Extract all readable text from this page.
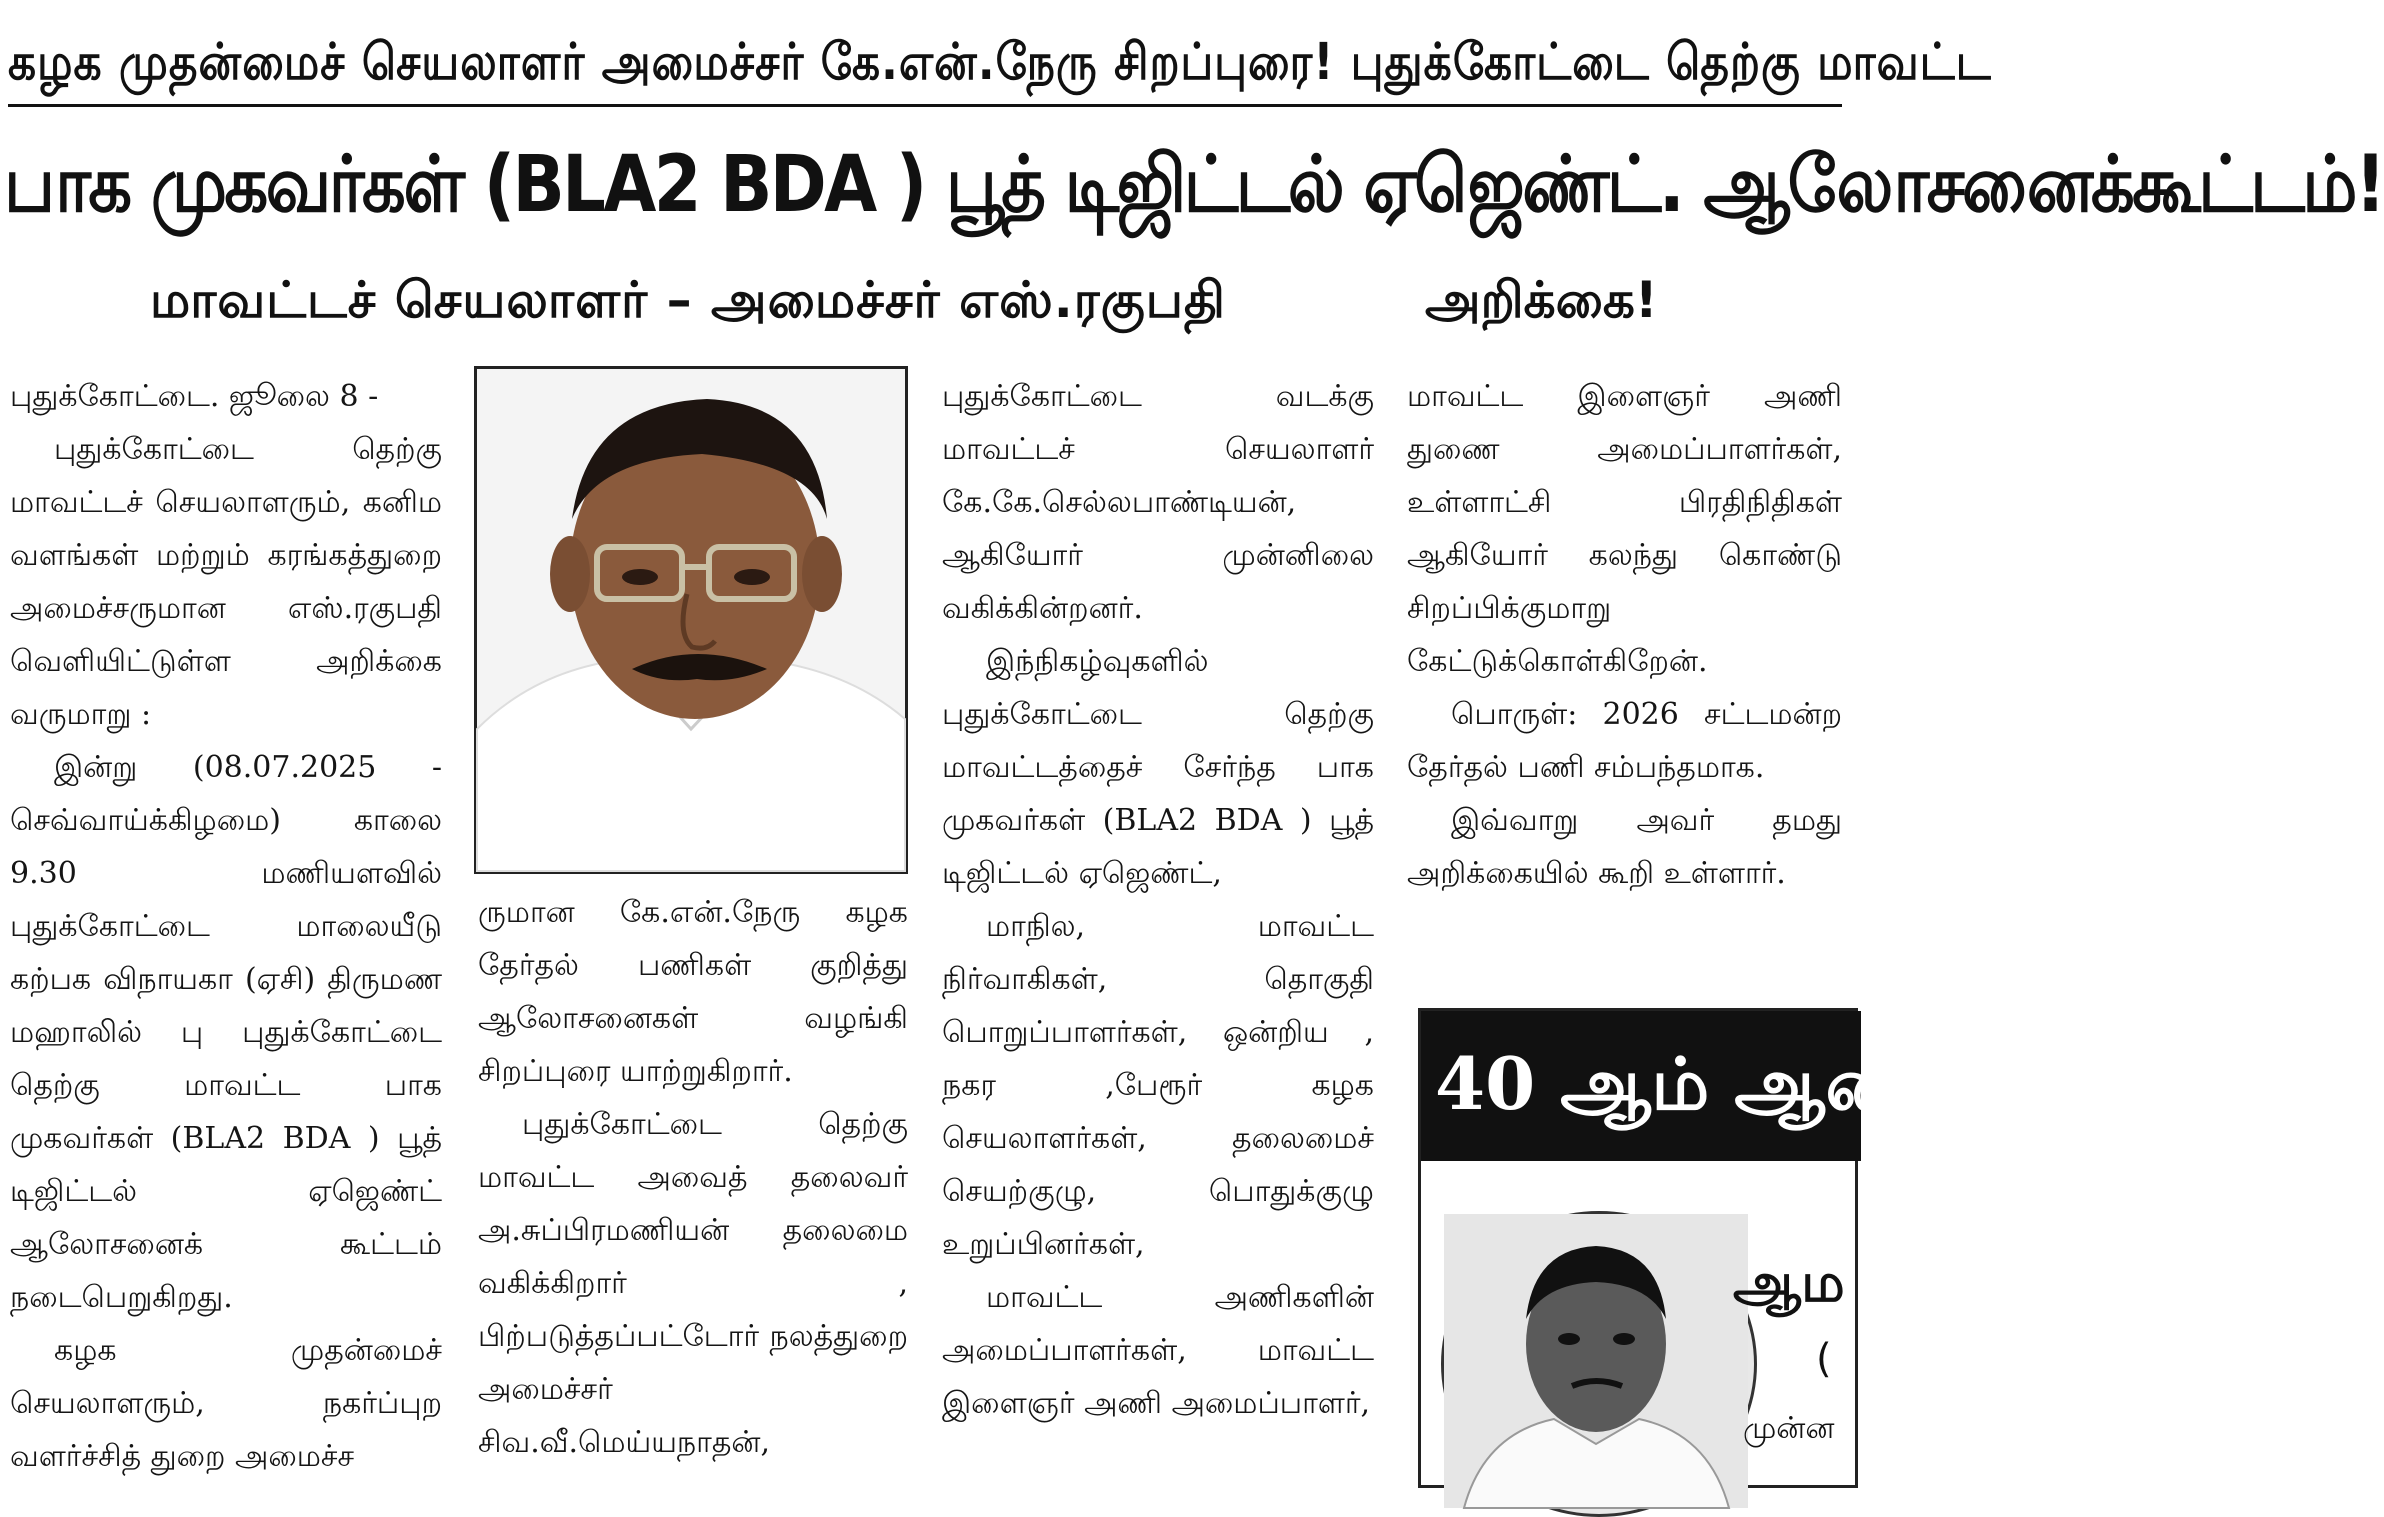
கழக முதன்மைச் செயலாளர் அமைச்சர் கே.என்.நேரு சிறப்புரை! புதுக்கோட்டை தெற்கு மாவட்ட
பாக முகவர்கள் (BLA2 BDA ) பூத் டிஜிட்டல் ஏஜெண்ட். ஆலோசனைக்கூட்டம்!
மாவட்டச் செயலாளர் – அமைச்சர் எஸ்.ரகுபதி	அறிக்கை!

புதுக்கோட்டை. ஜூலை 8 -

புதுக்கோட்டை தெற்கு மாவட்டச் செயலாளரும், கனிம வளங்கள் மற்றும் கரங்கத்துறை அமைச்சருமான எஸ்.ரகுபதி வெளியிட்டுள்ள அறிக்கை வருமாறு :

இன்று (08.07.2025 - செவ்வாய்க்கிழமை) காலை 9.30 மணியளவில் புதுக்கோட்டை மாலையீடு கற்பக விநாயகா (ஏசி) திருமண மஹாலில் பு புதுக்கோட்டை தெற்கு மாவட்ட பாக முகவர்கள் (BLA2 BDA ) பூத் டிஜிட்டல் ஏஜெண்ட் ஆலோசனைக் கூட்டம் நடைபெறுகிறது.

கழக முதன்மைச் செயலாளரும், நகர்ப்புற வளர்ச்சித் துறை அமைச்ச

ருமான கே.என்.நேரு கழக தேர்தல் பணிகள் குறித்து ஆலோசனைகள் வழங்கி சிறப்புரை யாற்றுகிறார்.

புதுக்கோட்டை தெற்கு மாவட்ட அவைத் தலைவர் அ.சுப்பிரமணியன் தலைமை வகிக்கிறார் , பிற்படுத்தப்பட்டோர் நலத்துறை அமைச்சர் சிவ.வீ.மெய்யநாதன்,

புதுக்கோட்டை வடக்கு மாவட்டச் செயலாளர் கே.கே.செல்லபாண்டியன், ஆகியோர் முன்னிலை வகிக்கின்றனர்.

இந்நிகழ்வுகளில் புதுக்கோட்டை தெற்கு மாவட்டத்தைச் சேர்ந்த பாக முகவர்கள் (BLA2 BDA ) பூத் டிஜிட்டல் ஏஜெண்ட்,

மாநில, மாவட்ட நிர்வாகிகள், தொகுதி பொறுப்பாளர்கள், ஒன்றிய , நகர ,பேரூர் கழக செயலாளர்கள், தலைமைச் செயற்குழு, பொதுக்குழு உறுப்பினர்கள்,

மாவட்ட அணிகளின் அமைப்பாளர்கள், மாவட்ட இளைஞர் அணி அமைப்பாளர்,

மாவட்ட இளைஞர் அணி துணை அமைப்பாளர்கள், உள்ளாட்சி பிரதிநிதிகள் ஆகியோர் கலந்து கொண்டு சிறப்பிக்குமாறு கேட்டுக்கொள்கிறேன்.

பொருள்: 2026 சட்டமன்ற தேர்தல் பணி சம்பந்தமாக.

இவ்வாறு அவர் தமது அறிக்கையில் கூறி உள்ளார்.

40 ஆம் ஆண்
ஆம
(
முன்ன
